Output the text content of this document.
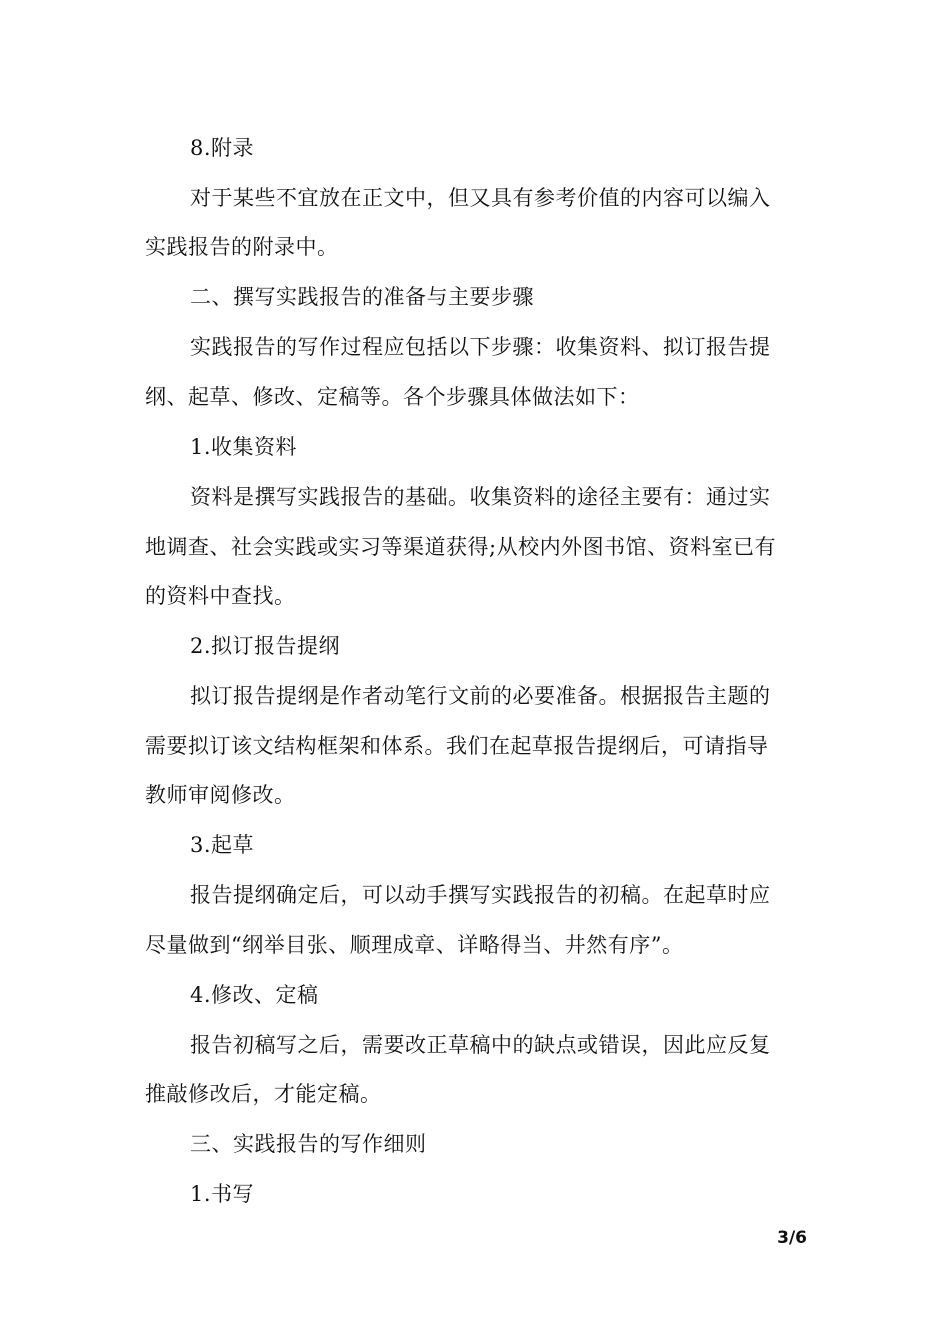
8.附录
对于某些不宜放在正文中，但又具有参考价值的内容可以编入
实践报告的附录中。
二、撰写实践报告的准备与主要步骤
实践报告的写作过程应包括以下步骤：收集资料、拟订报告提
纲、起草、修改、定稿等。各个步骤具体做法如下：
1.收集资料
资料是撰写实践报告的基础。收集资料的途径主要有：通过实
地调查、社会实践或实习等渠道获得;从校内外图书馆、资料室已有
的资料中查找。
2.拟订报告提纲
拟订报告提纲是作者动笔行文前的必要准备。根据报告主题的
需要拟订该文结构框架和体系。我们在起草报告提纲后，可请指导
教师审阅修改。
3.起草
报告提纲确定后，可以动手撰写实践报告的初稿。在起草时应
尽量做到“纲举目张、顺理成章、详略得当、井然有序”。
4.修改、定稿
报告初稿写之后，需要改正草稿中的缺点或错误，因此应反复
推敲修改后，才能定稿。
三、实践报告的写作细则
1.书写
3/6
